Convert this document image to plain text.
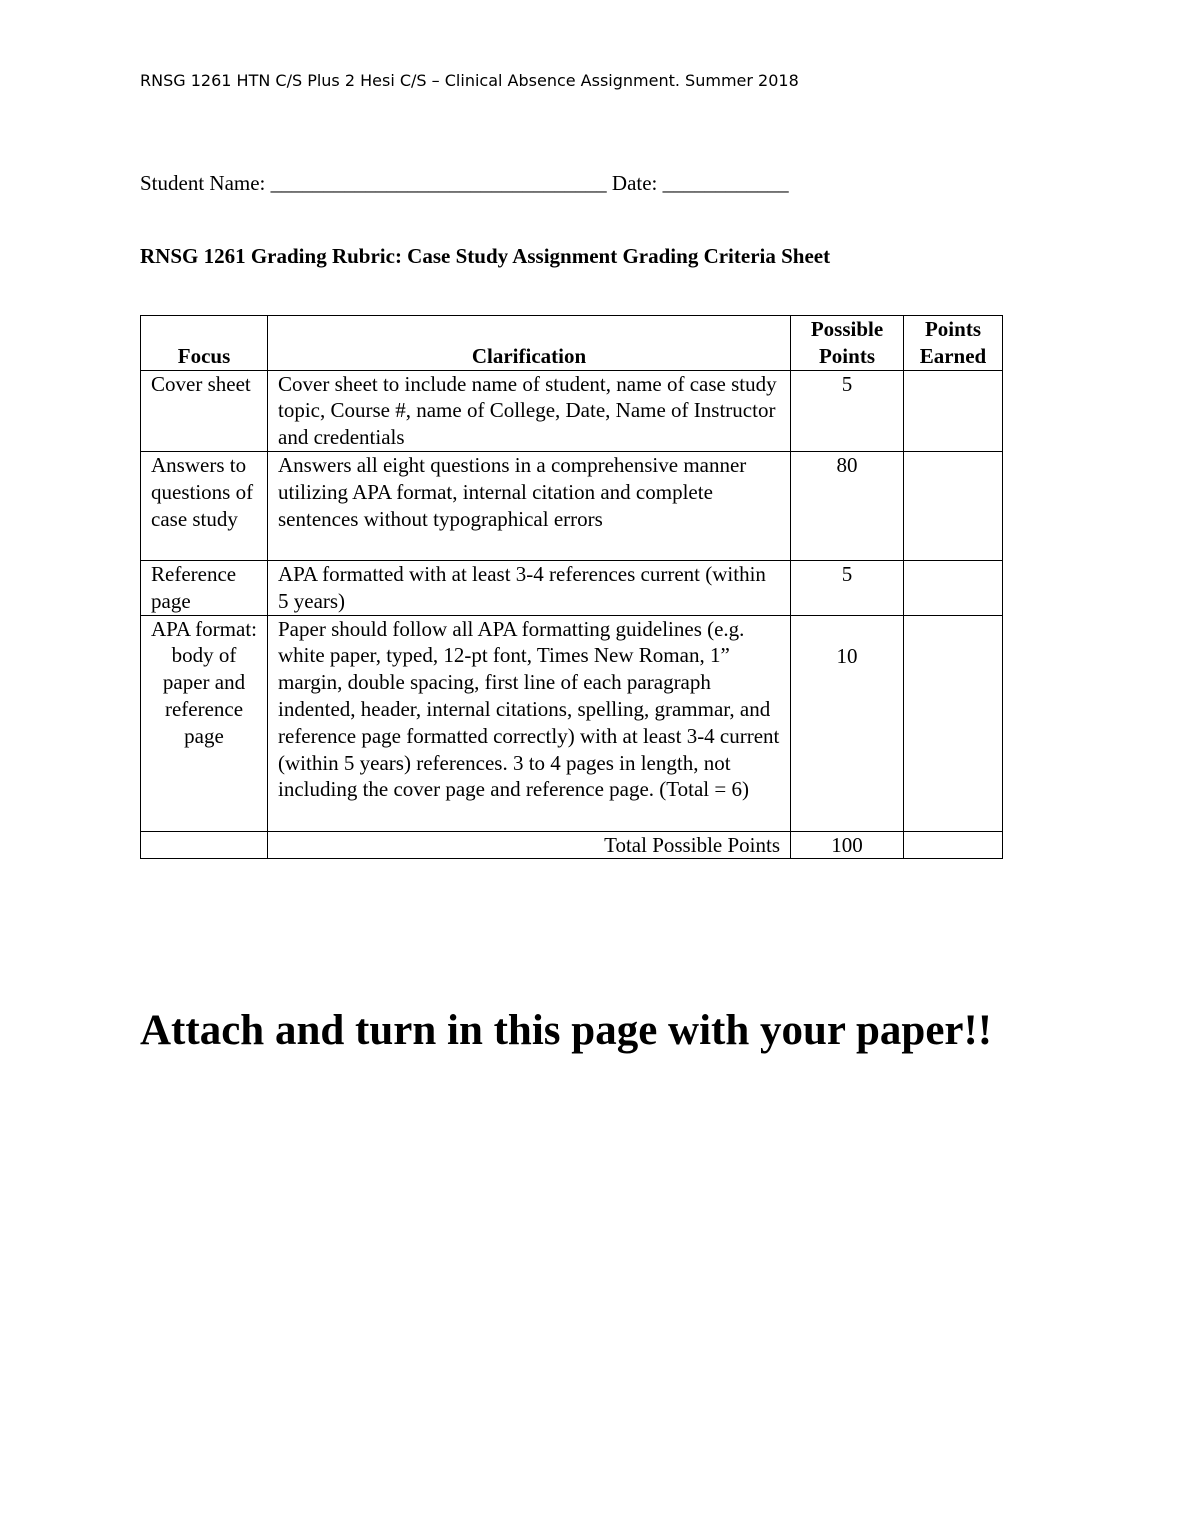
RNSG 1261 HTN C/S Plus 2 Hesi C/S – Clinical Absence Assignment. Summer 2018
Student Name: ________________________________ Date: ____________
RNSG 1261 Grading Rubric: Case Study Assignment Grading Criteria Sheet
Focus	Clarification	Possible Points	Points Earned
Cover sheet	Cover sheet to include name of student, name of case study topic, Course #, name of College, Date, Name of Instructor and credentials	5	
Answers to questions of case study	Answers all eight questions in a comprehensive manner utilizing APA format, internal citation and complete sentences without typographical errors	80	
Reference page	APA formatted with at least 3-4 references current (within 5 years)	5	
APA format: body of paper and reference page	Paper should follow all APA formatting guidelines (e.g. white paper, typed, 12-pt font, Times New Roman, 1” margin, double spacing, first line of each paragraph indented, header, internal citations, spelling, grammar, and reference page formatted correctly) with at least 3-4 current (within 5 years) references. 3 to 4 pages in length, not including the cover page and reference page. (Total = 6)	10	
	Total Possible Points	100	
Attach and turn in this page with your paper!!
